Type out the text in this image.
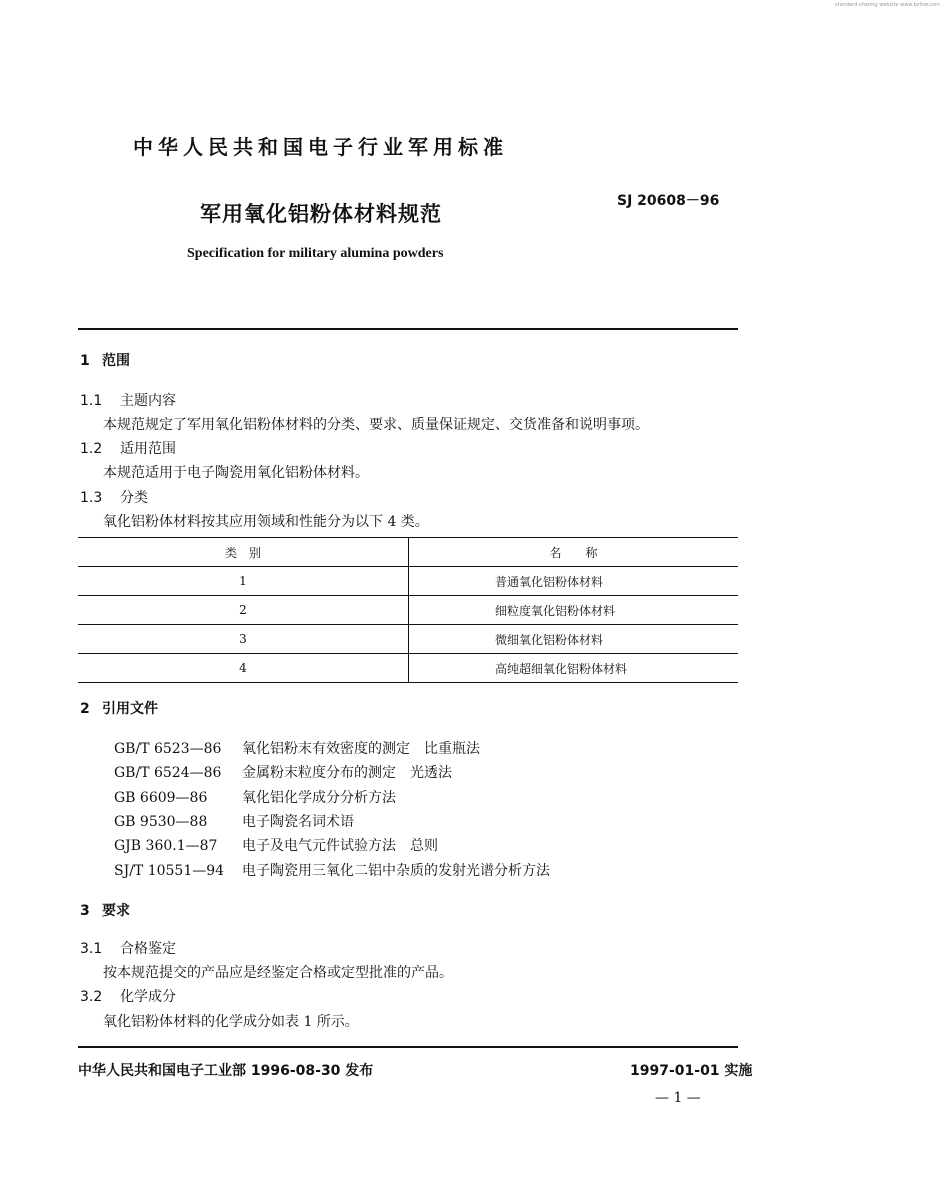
standard-sharing website www.bzfxw.com
中华人民共和国电子行业军用标准
军用氧化铝粉体材料规范
SJ 20608－96
Specification for military alumina powders
1 范围
1.1 主题内容
本规范规定了军用氧化铝粉体材料的分类、要求、质量保证规定、交货准备和说明事项。
1.2 适用范围
本规范适用于电子陶瓷用氧化铝粉体材料。
1.3 分类
氧化铝粉体材料按其应用领域和性能分为以下 4 类。
类　别	名　　称
1	普通氧化铝粉体材料
2	细粒度氧化铝粉体材料
3	微细氧化铝粉体材料
4	高纯超细氧化铝粉体材料
2 引用文件
GB/T 6523—86 氧化铝粉末有效密度的测定　比重瓶法
GB/T 6524—86 金属粉末粒度分布的测定　光透法
GB 6609—86 氧化铝化学成分分析方法
GB 9530—88 电子陶瓷名词术语
GJB 360.1—87 电子及电气元件试验方法　总则
SJ/T 10551—94 电子陶瓷用三氧化二铝中杂质的发射光谱分析方法
3 要求
3.1 合格鉴定
按本规范提交的产品应是经鉴定合格或定型批准的产品。
3.2 化学成分
氧化铝粉体材料的化学成分如表 1 所示。
中华人民共和国电子工业部 1996-08-30 发布	1997-01-01 实施
— 1 —
